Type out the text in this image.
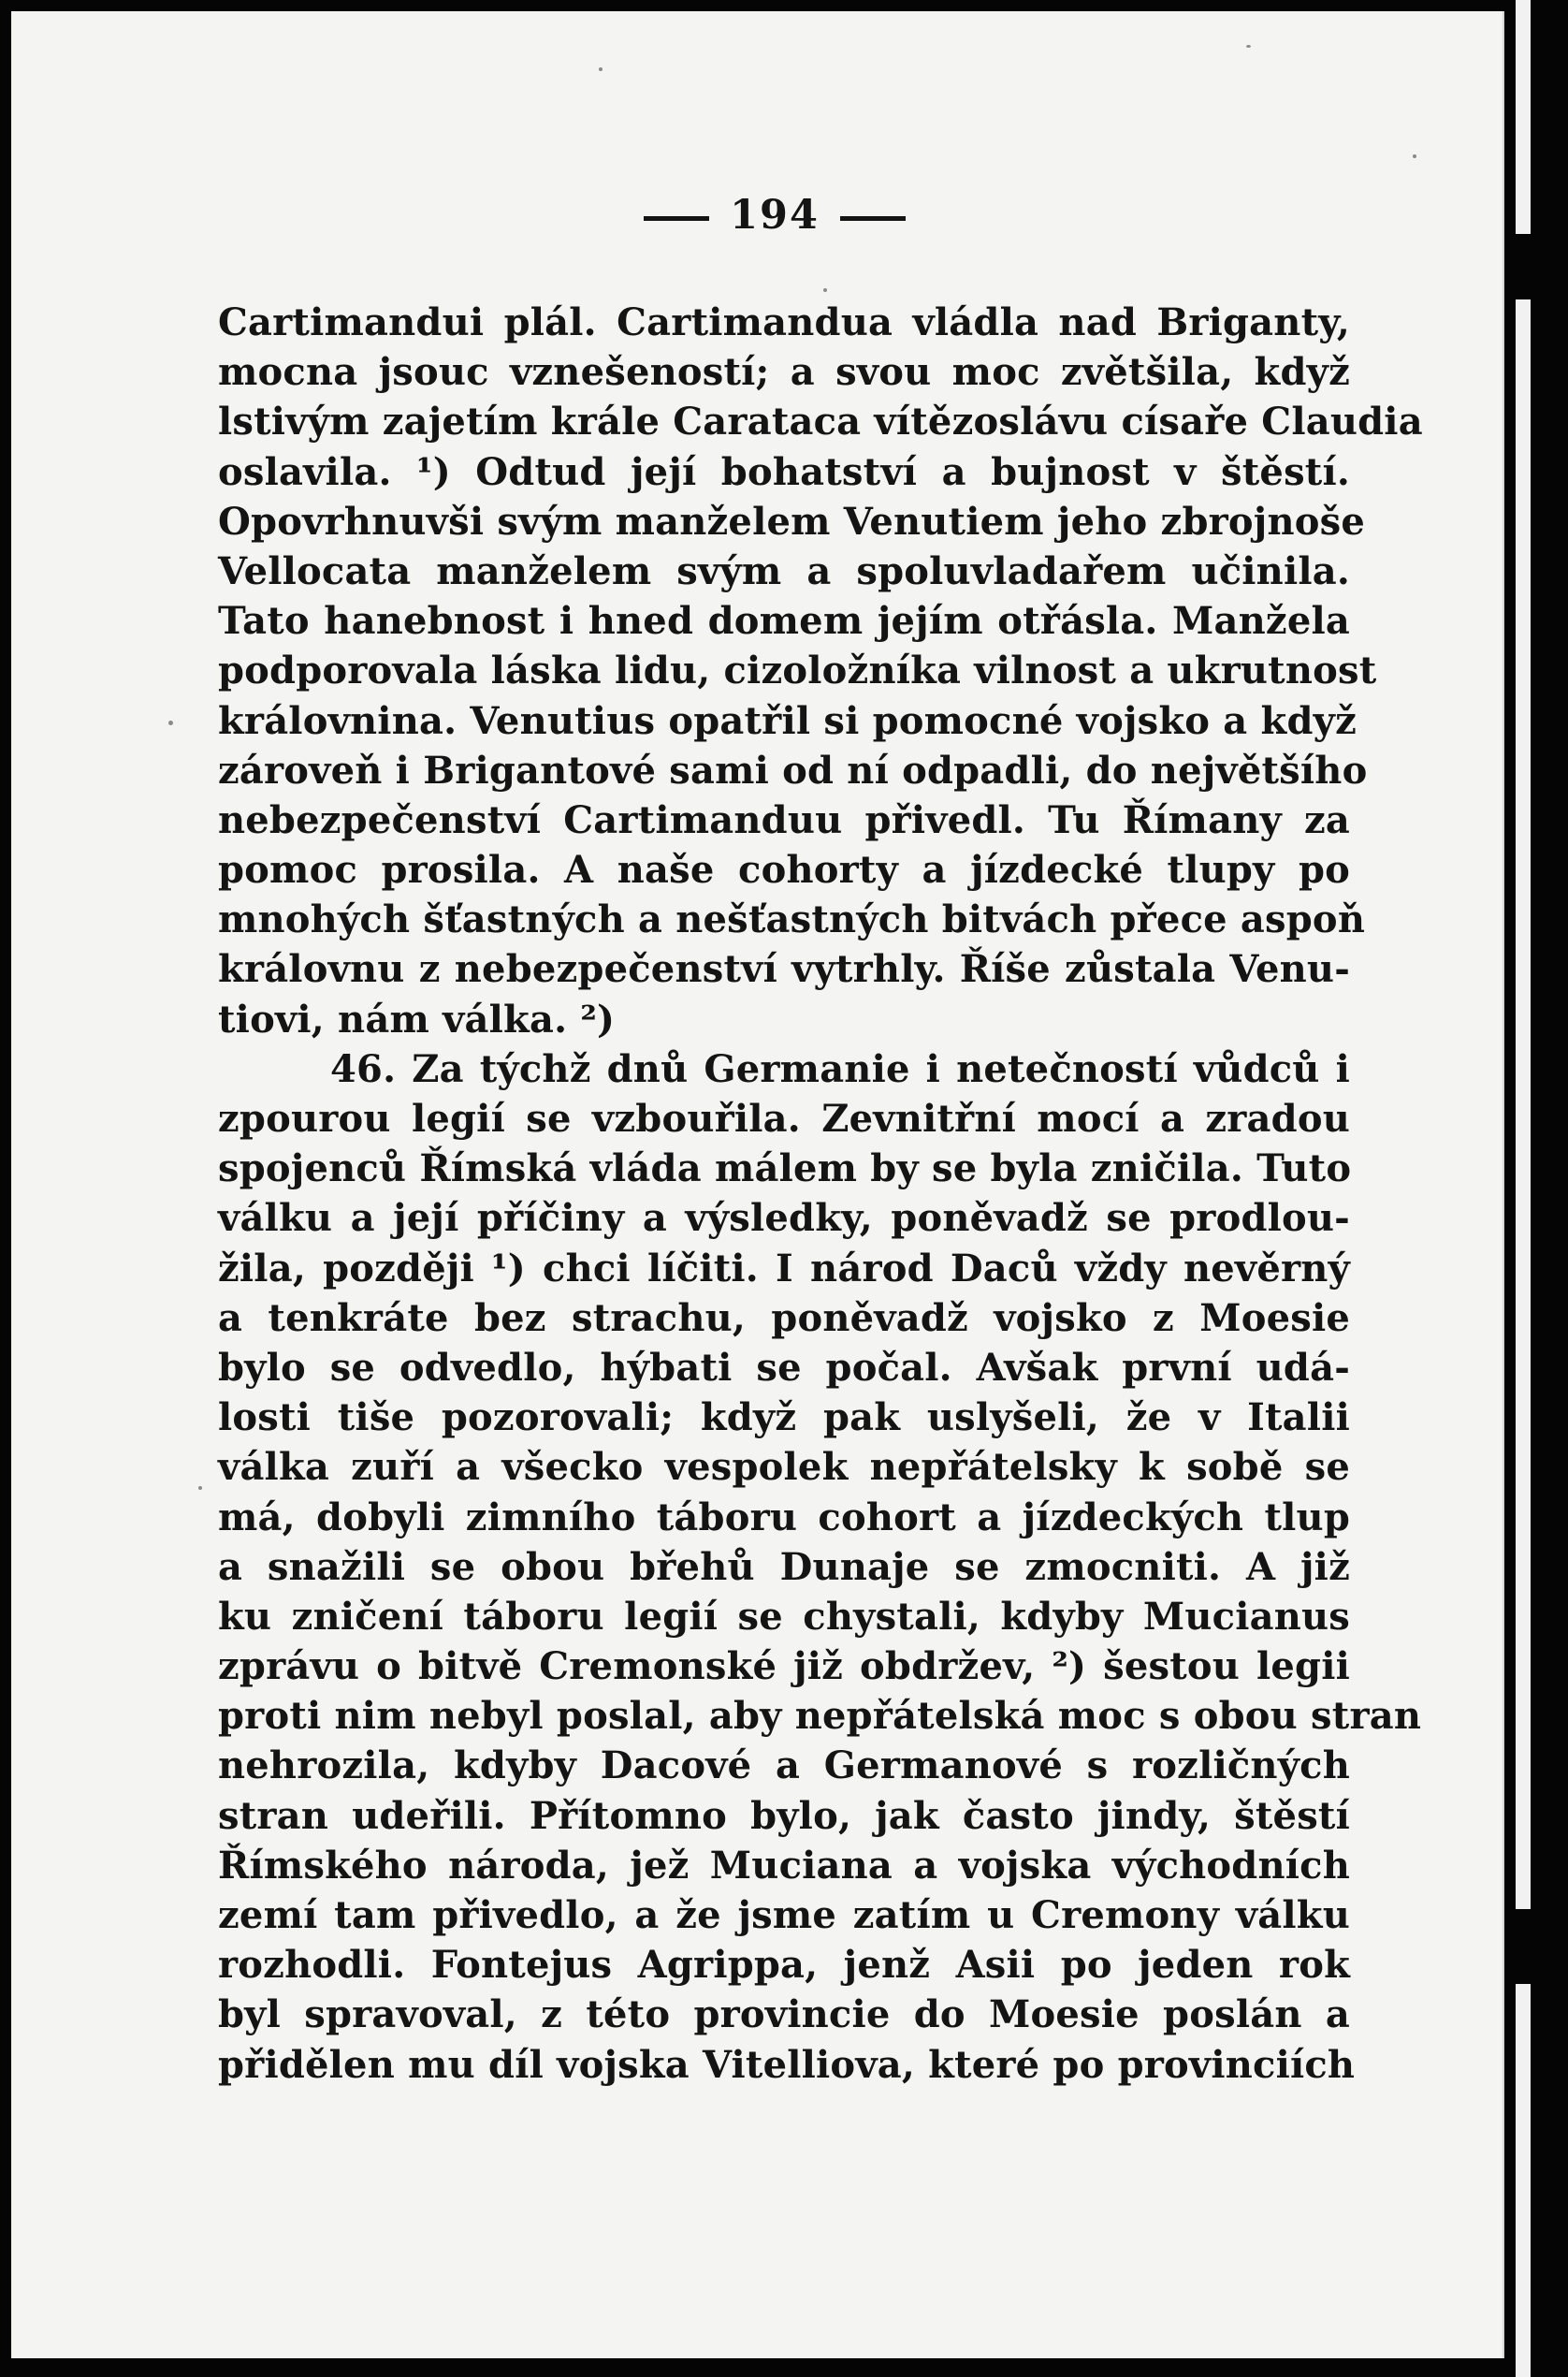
194
Cartimandui plál. Cartimandua vládla nad Briganty,
mocna jsouc vznešeností; a svou moc zvětšila, když
lstivým zajetím krále Carataca vítězoslávu císaře Claudia
oslavila. ¹) Odtud její bohatství a bujnost v štěstí.
Opovrhnuvši svým manželem Venutiem jeho zbrojnoše
Vellocata manželem svým a spoluvladařem učinila.
Tato hanebnost i hned domem jejím otřásla. Manžela
podporovala láska lidu, cizoložníka vilnost a ukrutnost
královnina. Venutius opatřil si pomocné vojsko a když
zároveň i Brigantové sami od ní odpadli, do největšího
nebezpečenství Cartimanduu přivedl. Tu Římany za
pomoc prosila. A naše cohorty a jízdecké tlupy po
mnohých šťastných a nešťastných bitvách přece aspoň
královnu z nebezpečenství vytrhly. Říše zůstala Venu-
tiovi, nám válka. ²)
46. Za týchž dnů Germanie i netečností vůdců i
zpourou legií se vzbouřila. Zevnitřní mocí a zradou
spojenců Římská vláda málem by se byla zničila. Tuto
válku a její příčiny a výsledky, poněvadž se prodlou-
žila, později ¹) chci líčiti. I národ Daců vždy nevěrný
a tenkráte bez strachu, poněvadž vojsko z Moesie
bylo se odvedlo, hýbati se počal. Avšak první udá-
losti tiše pozorovali; když pak uslyšeli, že v Italii
válka zuří a všecko vespolek nepřátelsky k sobě se
má, dobyli zimního táboru cohort a jízdeckých tlup
a snažili se obou břehů Dunaje se zmocniti. A již
ku zničení táboru legií se chystali, kdyby Mucianus
zprávu o bitvě Cremonské již obdržev, ²) šestou legii
proti nim nebyl poslal, aby nepřátelská moc s obou stran
nehrozila, kdyby Dacové a Germanové s rozličných
stran udeřili. Přítomno bylo, jak často jindy, štěstí
Římského národa, jež Muciana a vojska východních
zemí tam přivedlo, a že jsme zatím u Cremony válku
rozhodli. Fontejus Agrippa, jenž Asii po jeden rok
byl spravoval, z této provincie do Moesie poslán a
přidělen mu díl vojska Vitelliova, které po provinciích
